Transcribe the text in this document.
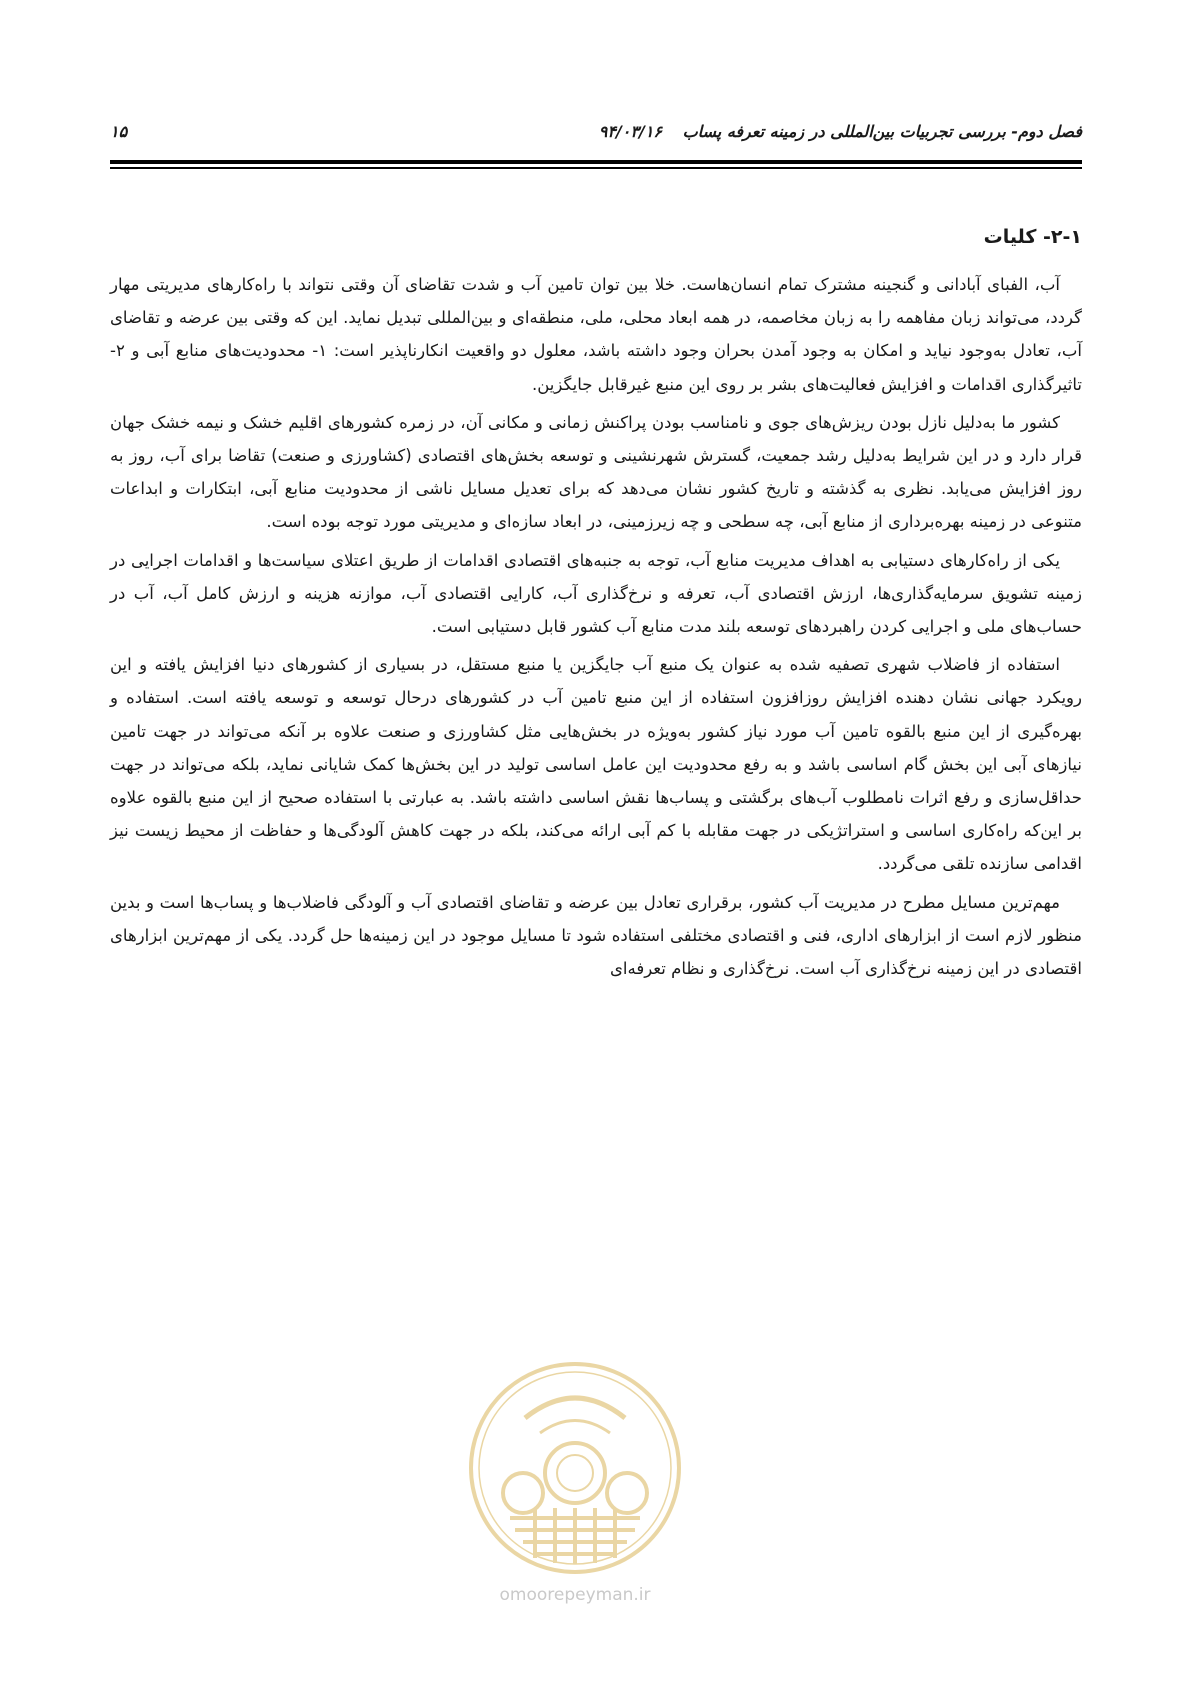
فصل دوم- بررسی تجربیات بین‌المللی در زمینه تعرفه پساب
۹۴/۰۳/۱۶
۱۵
۲-۱- کلیات

آب، الفبای آبادانی و گنجینه مشترک تمام انسان‌هاست. خلا بین توان تامین آب و شدت تقاضای آن وقتی نتواند با راه‌کارهای مدیریتی مهار گردد، می‌تواند زبان مفاهمه را به زبان مخاصمه، در همه ابعاد محلی، ملی، منطقه‌ای و بین‌المللی تبدیل نماید. این که وقتی بین عرضه و تقاضای آب، تعادل به‌وجود نیاید و امکان به وجود آمدن بحران وجود داشته باشد، معلول دو واقعیت انکارناپذیر است: ۱- محدودیت‌های منابع آبی و ۲- تاثیرگذاری اقدامات و افزایش فعالیت‌های بشر بر روی این منبع غیرقابل جایگزین.

کشور ما به‌دلیل نازل بودن ریزش‌های جوی و نامناسب بودن پراکنش زمانی و مکانی آن، در زمره کشورهای اقلیم خشک و نیمه خشک جهان قرار دارد و در این شرایط به‌دلیل رشد جمعیت، گسترش شهرنشینی و توسعه بخش‌های اقتصادی (کشاورزی و صنعت) تقاضا برای آب، روز به روز افزایش می‌یابد. نظری به گذشته و تاریخ کشور نشان می‌دهد که برای تعدیل مسایل ناشی از محدودیت منابع آبی، ابتکارات و ابداعات متنوعی در زمینه بهره‌برداری از منابع آبی، چه سطحی و چه زیرزمینی، در ابعاد سازه‌ای و مدیریتی مورد توجه بوده است.

یکی از راه‌کارهای دستیابی به اهداف مدیریت منابع آب، توجه به جنبه‌های اقتصادی اقدامات از طریق اعتلای سیاست‌ها و اقدامات اجرایی در زمینه تشویق سرمایه‌گذاری‌ها، ارزش اقتصادی آب، تعرفه و نرخ‌گذاری آب، کارایی اقتصادی آب، موازنه هزینه و ارزش کامل آب، آب در حساب‌های ملی و اجرایی کردن راهبردهای توسعه بلند مدت منابع آب کشور قابل دستیابی است.

استفاده از فاضلاب شهری تصفیه شده به عنوان یک منبع آب جایگزین یا منبع مستقل، در بسیاری از کشورهای دنیا افزایش یافته و این رویکرد جهانی نشان دهنده افزایش روزافزون استفاده از این منبع تامین آب در کشورهای درحال توسعه و توسعه یافته است. استفاده و بهره‌گیری از این منبع بالقوه تامین آب مورد نیاز کشور به‌ویژه در بخش‌هایی مثل کشاورزی و صنعت علاوه بر آنکه می‌تواند در جهت تامین نیازهای آبی این بخش گام اساسی باشد و به رفع محدودیت این عامل اساسی تولید در این بخش‌ها کمک شایانی نماید، بلکه می‌تواند در جهت حداقل‌سازی و رفع اثرات نامطلوب آب‌های برگشتی و پساب‌ها نقش اساسی داشته باشد. به عبارتی با استفاده صحیح از این منبع بالقوه علاوه بر این‌که راه‌کاری اساسی و استراتژیکی در جهت مقابله با کم آبی ارائه می‌کند، بلکه در جهت کاهش آلودگی‌ها و حفاظت از محیط زیست نیز اقدامی سازنده تلقی می‌گردد.

مهم‌ترین مسایل مطرح در مدیریت آب کشور، برقراری تعادل بین عرضه و تقاضای اقتصادی آب و آلودگی فاضلاب‌ها و پساب‌ها است و بدین منظور لازم است از ابزارهای اداری، فنی و اقتصادی مختلفی استفاده شود تا مسایل موجود در این زمینه‌ها حل گردد. یکی از مهم‌ترین ابزارهای اقتصادی در این زمینه نرخ‌گذاری آب است. نرخ‌گذاری و نظام تعرفه‌ای

omoorepeyman.ir
